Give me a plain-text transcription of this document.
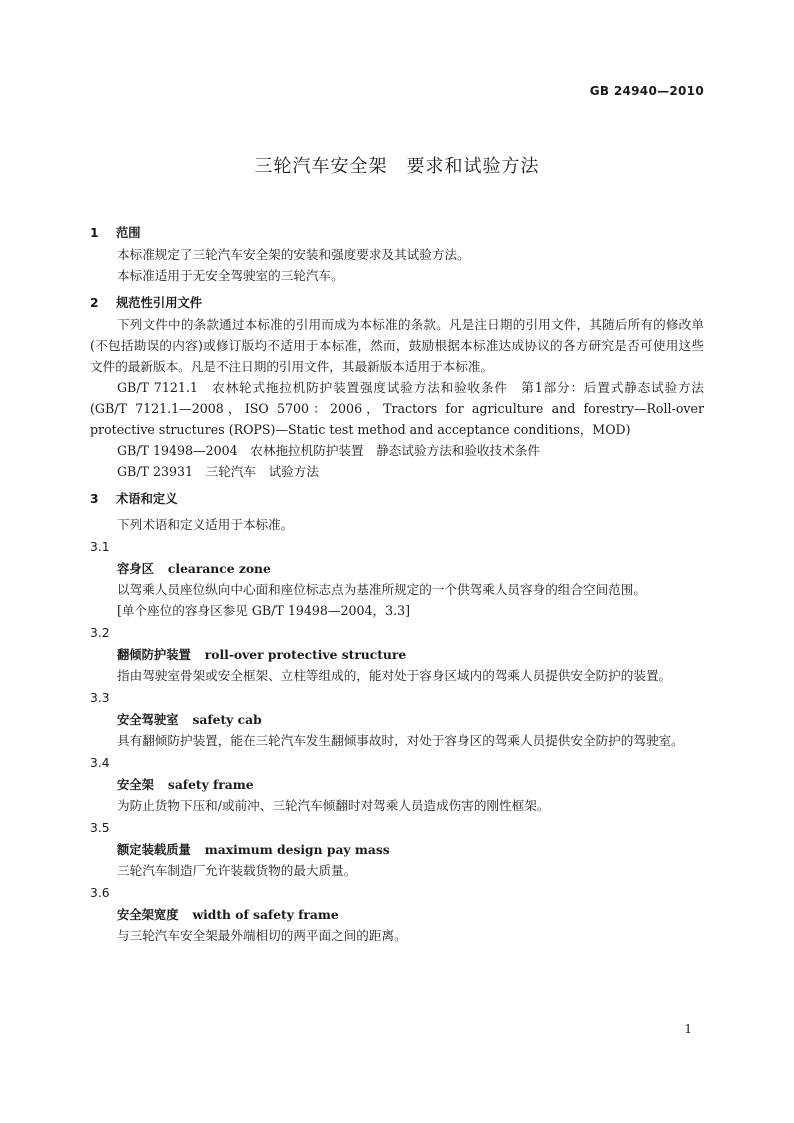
GB 24940—2010
三轮汽车安全架　要求和试验方法
1 范围

本标准规定了三轮汽车安全架的安装和强度要求及其试验方法。

本标准适用于无安全驾驶室的三轮汽车。

2 规范性引用文件

下列文件中的条款通过本标准的引用而成为本标准的条款。凡是注日期的引用文件，其随后所有的修改单(不包括勘误的内容)或修订版均不适用于本标准，然而，鼓励根据本标准达成协议的各方研究是否可使用这些文件的最新版本。凡是不注日期的引用文件，其最新版本适用于本标准。

GB/T 7121.1　农林轮式拖拉机防护装置强度试验方法和验收条件　第1部分：后置式静态试验方法(GB/T 7121.1—2008，ISO 5700：2006，Tractors for agriculture and forestry—Roll-over protective structures (ROPS)—Static test method and acceptance conditions，MOD)

GB/T 19498—2004　农林拖拉机防护装置　静态试验方法和验收技术条件
GB/T 23931　三轮汽车　试验方法
3 术语和定义

下列术语和定义适用于本标准。

3.1
容身区 clearance zone

以驾乘人员座位纵向中心面和座位标志点为基准所规定的一个供驾乘人员容身的组合空间范围。

[单个座位的容身区参见 GB/T 19498—2004，3.3]

3.2
翻倾防护装置 roll-over protective structure

指由驾驶室骨架或安全框架、立柱等组成的，能对处于容身区域内的驾乘人员提供安全防护的装置。

3.3
安全驾驶室 safety cab

具有翻倾防护装置，能在三轮汽车发生翻倾事故时，对处于容身区的驾乘人员提供安全防护的驾驶室。

3.4
安全架 safety frame

为防止货物下压和/或前冲、三轮汽车倾翻时对驾乘人员造成伤害的刚性框架。

3.5
额定装载质量 maximum design pay mass

三轮汽车制造厂允许装载货物的最大质量。

3.6
安全架宽度 width of safety frame

与三轮汽车安全架最外端相切的两平面之间的距离。

1
